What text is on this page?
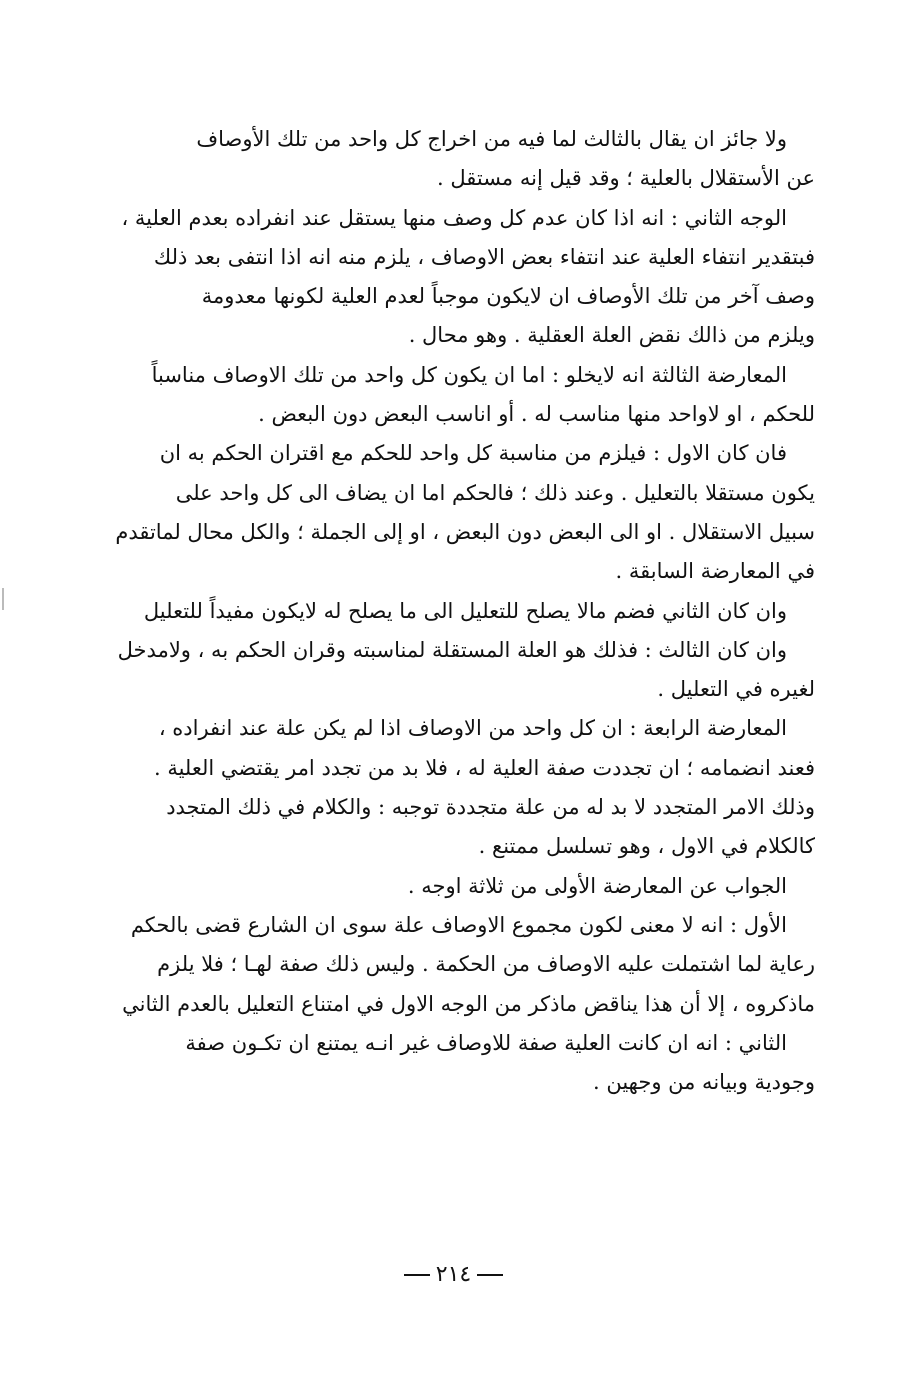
ولا جائز ان يقال بالثالث لما فيه من اخراج كل واحد من تلك الأوصاف
عن الأستقلال بالعلية ؛ وقد قيل إنه مستقل .
الوجه الثاني : انه اذا كان عدم كل وصف منها يستقل عند انفراده بعدم العلية ،
فبتقدير انتفاء العلية عند انتفاء بعض الاوصاف ، يلزم منه انه اذا انتفى بعد ذلك
وصف آخر من تلك الأوصاف ان لايكون موجباً لعدم العلية لكونها معدومة
ويلزم من ذالك نقض العلة العقلية . وهو محال .
المعارضة الثالثة انه لايخلو : اما ان يكون كل واحد من تلك الاوصاف مناسباً
للحكم ، او لاواحد منها مناسب له . أو اناسب البعض دون البعض .
فان كان الاول : فيلزم من مناسبة كل واحد للحكم مع اقتران الحكم به ان
يكون مستقلا بالتعليل . وعند ذلك ؛ فالحكم اما ان يضاف الى كل واحد على
سبيل الاستقلال . او الى البعض دون البعض ، او إلى الجملة ؛ والكل محال لماتقدم
في المعارضة السابقة .
وان كان الثاني فضم مالا يصلح للتعليل الى ما يصلح له لايكون مفيداً للتعليل
وان كان الثالث : فذلك هو العلة المستقلة لمناسبته وقران الحكم به ، ولامدخل
لغيره في التعليل .
المعارضة الرابعة : ان كل واحد من الاوصاف اذا لم يكن علة عند انفراده ،
فعند انضمامه ؛ ان تجددت صفة العلية له ، فلا بد من تجدد امر يقتضي العلية .
وذلك الامر المتجدد لا بد له من علة متجددة توجبه : والكلام في ذلك المتجدد
كالكلام في الاول ، وهو تسلسل ممتنع .
الجواب عن المعارضة الأولى من ثلاثة اوجه .
الأول : انه لا معنى لكون مجموع الاوصاف علة سوى ان الشارع قضى بالحكم
رعاية لما اشتملت عليه الاوصاف من الحكمة . وليس ذلك صفة لهـا ؛ فلا يلزم
ماذكروه ، إلا أن هذا يناقض ماذكر من الوجه الاول في امتناع التعليل بالعدم الثاني
الثاني : انه ان كانت العلية صفة للاوصاف غير انـه يمتنع ان تكـون صفة
وجودية وبيانه من وجهين .
٢١٤
